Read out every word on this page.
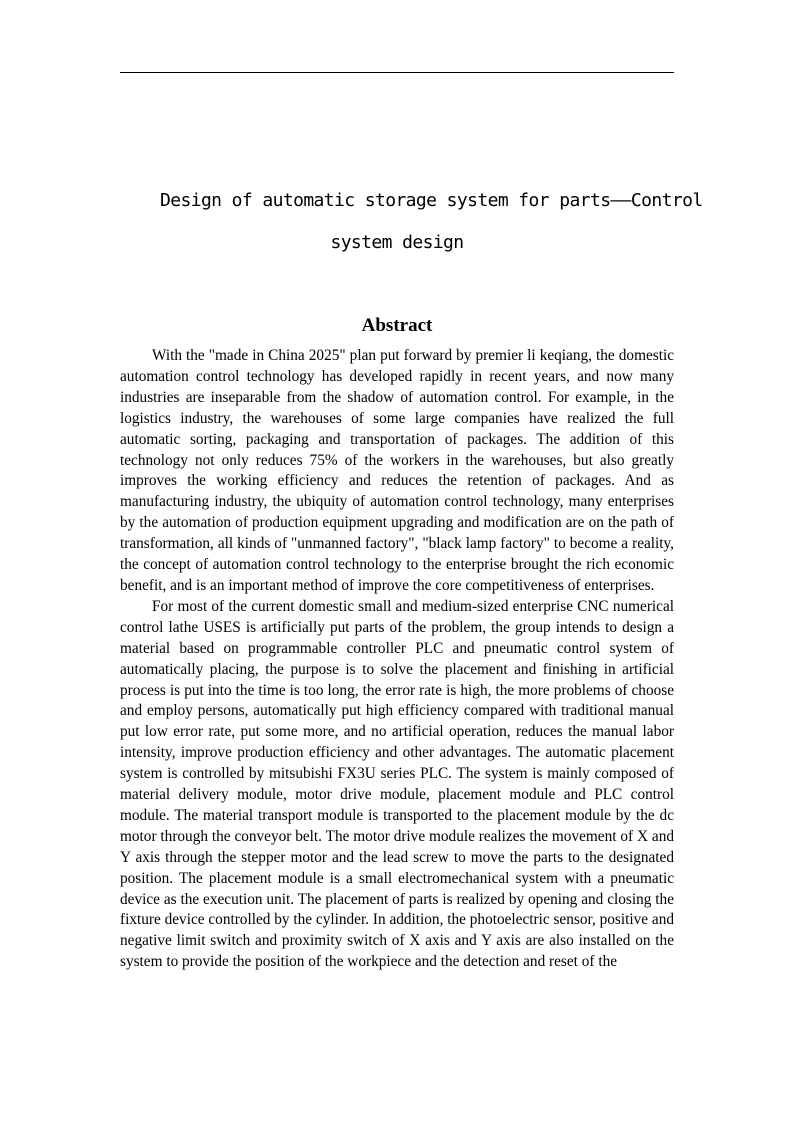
Design of automatic storage system for parts——Control
system design
Abstract

With the "made in China 2025" plan put forward by premier li keqiang, the domestic automation control technology has developed rapidly in recent years, and now many industries are inseparable from the shadow of automation control. For example, in the logistics industry, the warehouses of some large companies have realized the full automatic sorting, packaging and transportation of packages. The addition of this technology not only reduces 75% of the workers in the warehouses, but also greatly improves the working efficiency and reduces the retention of packages. And as manufacturing industry, the ubiquity of automation control technology, many enterprises by the automation of production equipment upgrading and modification are on the path of transformation, all kinds of "unmanned factory", "black lamp factory" to become a reality, the concept of automation control technology to the enterprise brought the rich economic benefit, and is an important method of improve the core competitiveness of enterprises.

For most of the current domestic small and medium-sized enterprise CNC numerical control lathe USES is artificially put parts of the problem, the group intends to design a material based on programmable controller PLC and pneumatic control system of automatically placing, the purpose is to solve the placement and finishing in artificial process is put into the time is too long, the error rate is high, the more problems of choose and employ persons, automatically put high efficiency compared with traditional manual put low error rate, put some more, and no artificial operation, reduces the manual labor intensity, improve production efficiency and other advantages. The automatic placement system is controlled by mitsubishi FX3U series PLC. The system is mainly composed of material delivery module, motor drive module, placement module and PLC control module. The material transport module is transported to the placement module by the dc motor through the conveyor belt. The motor drive module realizes the movement of X and Y axis through the stepper motor and the lead screw to move the parts to the designated position. The placement module is a small electromechanical system with a pneumatic device as the execution unit. The placement of parts is realized by opening and closing the fixture device controlled by the cylinder. In addition, the photoelectric sensor, positive and negative limit switch and proximity switch of X axis and Y axis are also installed on the system to provide the position of the workpiece and the detection and reset of the
